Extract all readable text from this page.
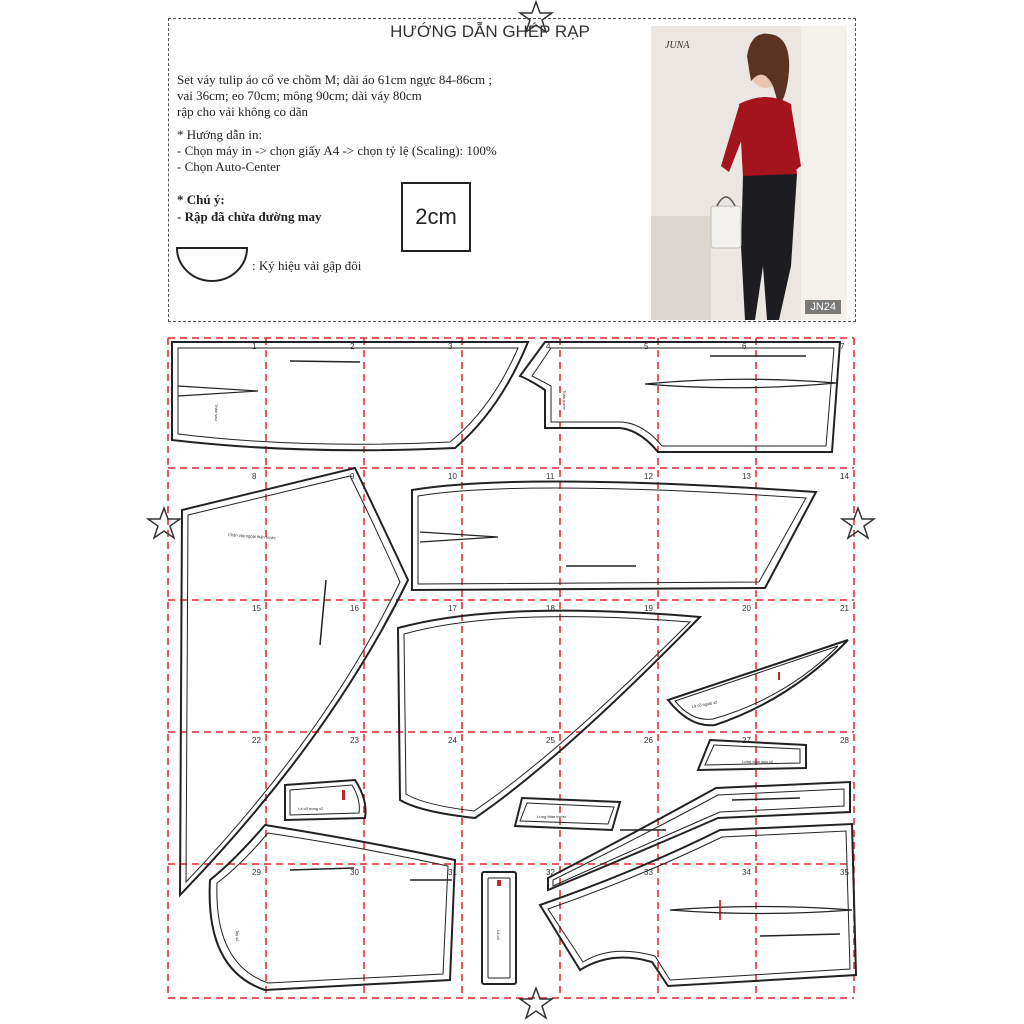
HƯỚNG DẪN GHÉP RẠP
Set váy tulip áo cổ ve chồm M; dài áo 61cm ngực 84-86cm ;
vai 36cm; eo 70cm; mông 90cm; dài váy 80cm
rập cho vải không co dãn
* Hướng dẫn in:
- Chọn máy in -> chọn giấy A4 -> chọn tỷ lệ (Scaling): 100%
- Chọn Auto-Center
* Chú ý:
- Rập đã chừa đường may	2cm
: Ký hiệu vải gập đôi
JUNA
JN24
1	2	3	4	5	6	7
8	9	10	11	12	13	14
15	16	17	18	19	20	21
22	23	24	25	26	27	28
29	30	31	32	33	34	35
Chân váy ngoài thân trước
Lá cổ ngoài x2
Lưng thân sau x2
Lá cổ trong x2
Lưng thân trước
Lá cổ
Tay x2
Thân sau
Thân trước
